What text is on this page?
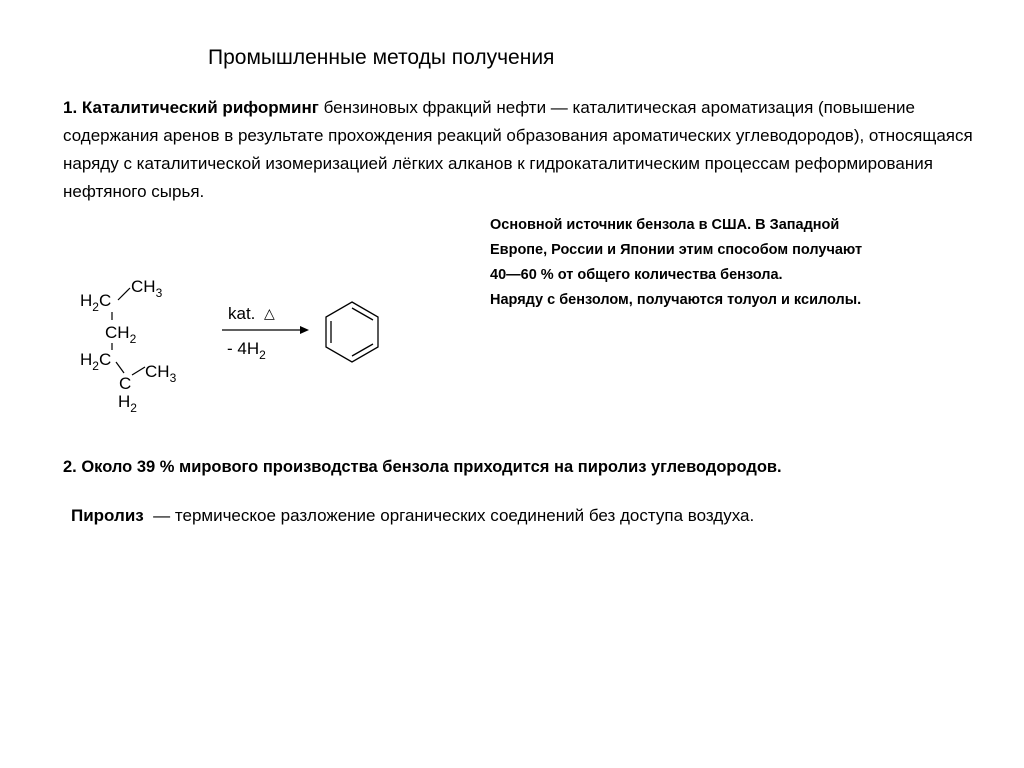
Промышленные методы получения
1. Каталитический риформинг бензиновых фракций нефти — каталитическая ароматизация (повышение содержания аренов в результате прохождения реакций образования ароматических углеводородов), относящаяся наряду с каталитической изомеризацией лёгких алканов к гидрокаталитическим процессам реформирования нефтяного сырья.
Основной источник бензола в США. В Западной
Европе, России и Японии этим способом получают
40—60 % от общего количества бензола.
Наряду с бензолом, получаются толуол и ксилолы.
$H_2C$
$CH_3$
$CH_2$
$H_2C$
$CH_3$
C
$H_2$
kat. △
- $4H_2$
2. Около 39 % мирового производства бензола приходится на пиролиз углеводородов.
Пиролиз  — термическое разложение органических соединений без доступа воздуха.
